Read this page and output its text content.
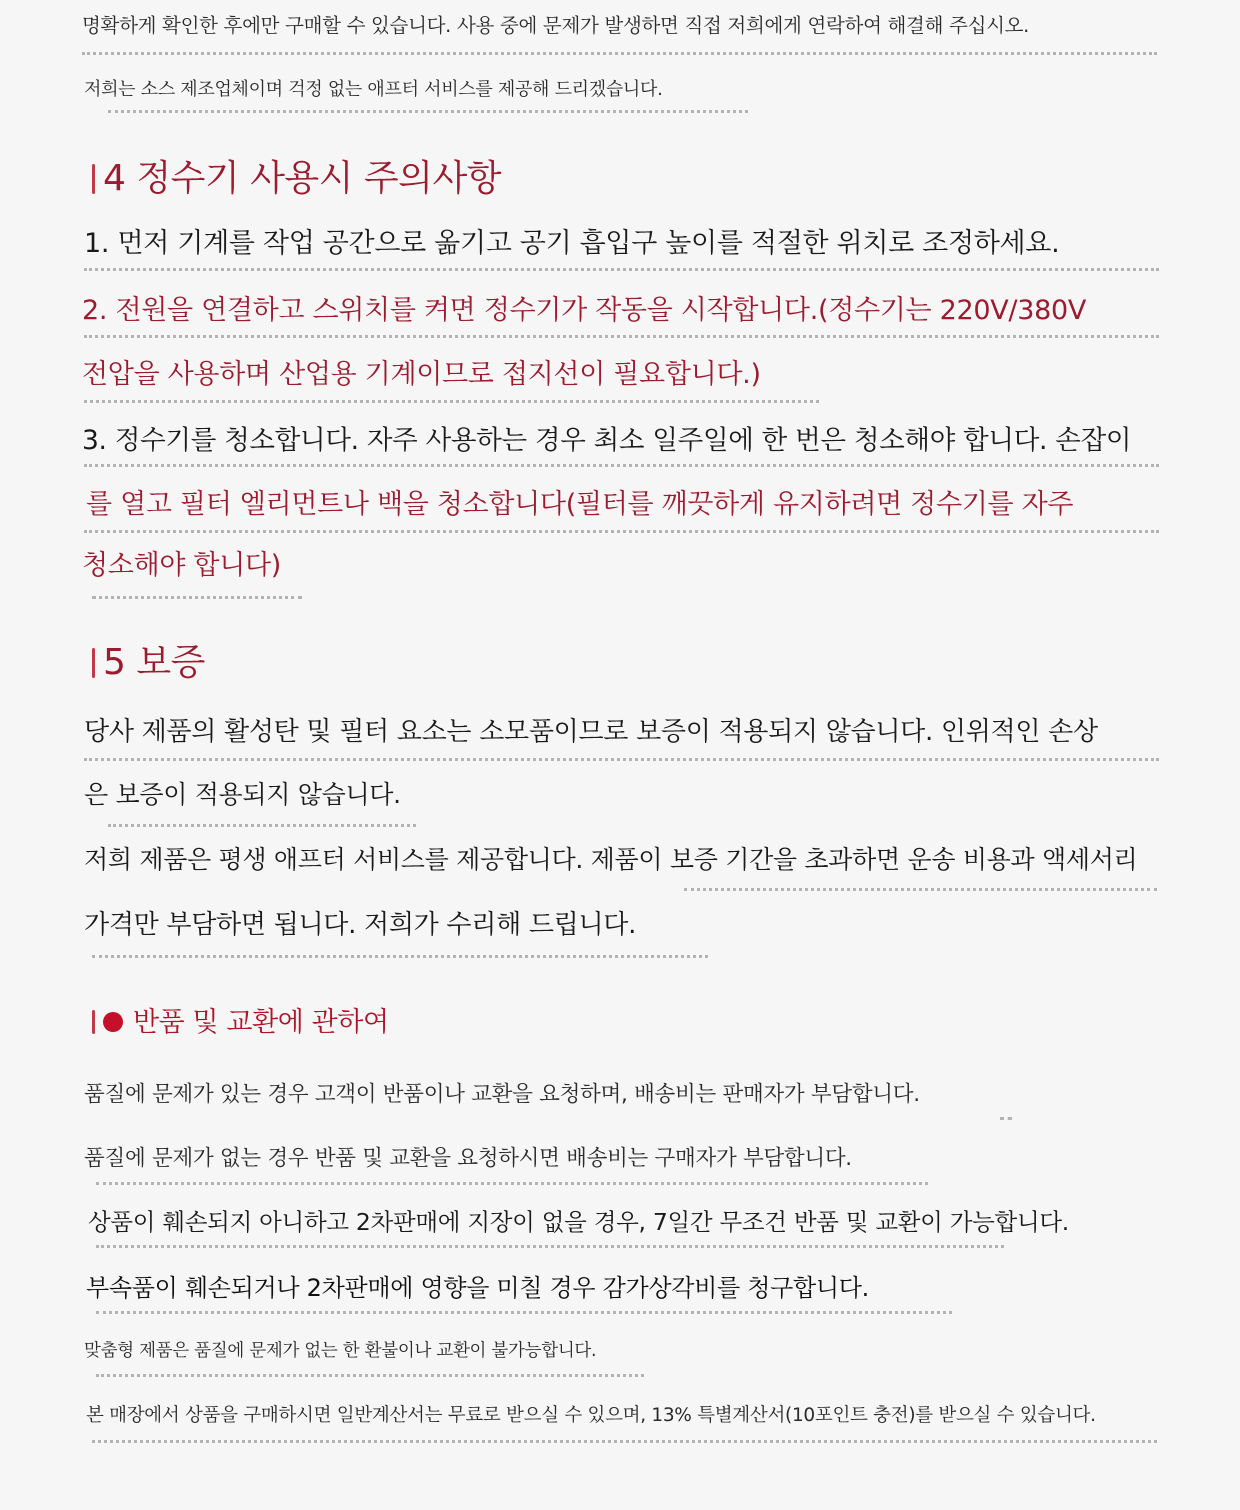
명확하게 확인한 후에만 구매할 수 있습니다. 사용 중에 문제가 발생하면 직접 저희에게 연락하여 해결해 주십시오.
저희는 소스 제조업체이며 걱정 없는 애프터 서비스를 제공해 드리겠습니다.
4 정수기 사용시 주의사항
1. 먼저 기계를 작업 공간으로 옮기고 공기 흡입구 높이를 적절한 위치로 조정하세요.
2. 전원을 연결하고 스위치를 켜면 정수기가 작동을 시작합니다.(정수기는 220V/380V
전압을 사용하며 산업용 기계이므로 접지선이 필요합니다.)
3. 정수기를 청소합니다. 자주 사용하는 경우 최소 일주일에 한 번은 청소해야 합니다. 손잡이
를 열고 필터 엘리먼트나 백을 청소합니다(필터를 깨끗하게 유지하려면 정수기를 자주
청소해야 합니다)
5 보증
당사 제품의 활성탄 및 필터 요소는 소모품이므로 보증이 적용되지 않습니다. 인위적인 손상
은 보증이 적용되지 않습니다.
저희 제품은 평생 애프터 서비스를 제공합니다. 제품이 보증 기간을 초과하면 운송 비용과 액세서리
가격만 부담하면 됩니다. 저희가 수리해 드립니다.
반품 및 교환에 관하여
품질에 문제가 있는 경우 고객이 반품이나 교환을 요청하며, 배송비는 판매자가 부담합니다.
품질에 문제가 없는 경우 반품 및 교환을 요청하시면 배송비는 구매자가 부담합니다.
상품이 훼손되지 아니하고 2차판매에 지장이 없을 경우, 7일간 무조건 반품 및 교환이 가능합니다.
부속품이 훼손되거나 2차판매에 영향을 미칠 경우 감가상각비를 청구합니다.
맞춤형 제품은 품질에 문제가 없는 한 환불이나 교환이 불가능합니다.
본 매장에서 상품을 구매하시면 일반계산서는 무료로 받으실 수 있으며, 13% 특별계산서(10포인트 충전)를 받으실 수 있습니다.
